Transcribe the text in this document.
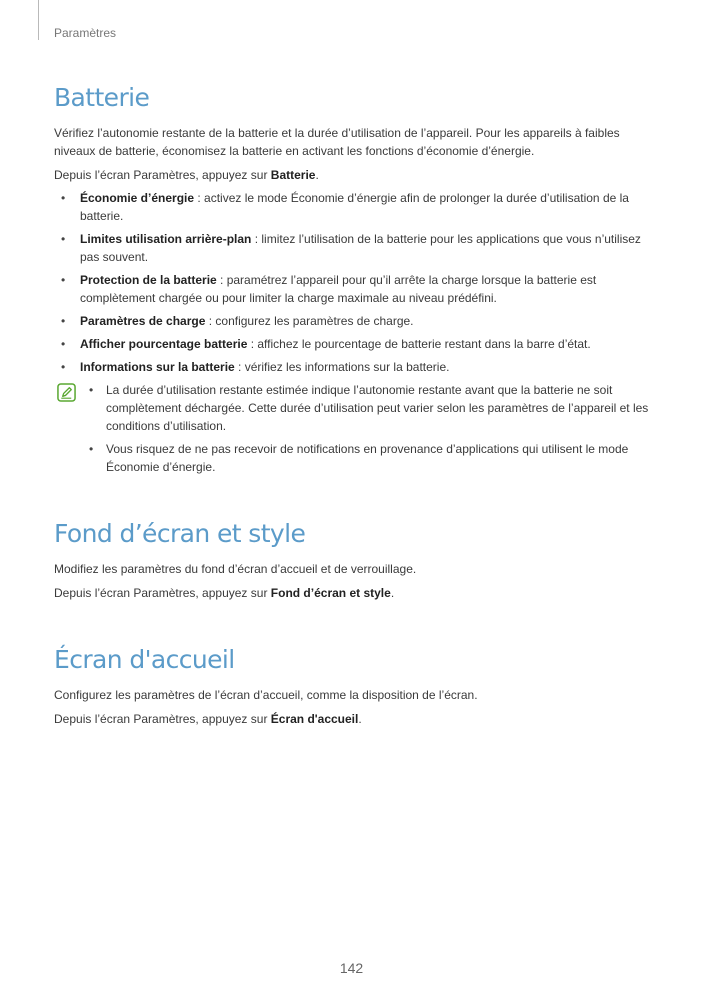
Paramètres
Batterie

Vérifiez l’autonomie restante de la batterie et la durée d’utilisation de l’appareil. Pour les appareils à faibles niveaux de batterie, économisez la batterie en activant les fonctions d’économie d’énergie.

Depuis l’écran Paramètres, appuyez sur Batterie.

• Économie d’énergie : activez le mode Économie d’énergie afin de prolonger la durée d’utilisation de la batterie.
• Limites utilisation arrière-plan : limitez l’utilisation de la batterie pour les applications que vous n’utilisez pas souvent.
• Protection de la batterie : paramétrez l’appareil pour qu’il arrête la charge lorsque la batterie est complètement chargée ou pour limiter la charge maximale au niveau prédéfini.
• Paramètres de charge : configurez les paramètres de charge.
• Afficher pourcentage batterie : affichez le pourcentage de batterie restant dans la barre d’état.
• Informations sur la batterie : vérifiez les informations sur la batterie.
• La durée d’utilisation restante estimée indique l’autonomie restante avant que la batterie ne soit complètement déchargée. Cette durée d’utilisation peut varier selon les paramètres de l’appareil et les conditions d’utilisation.
• Vous risquez de ne pas recevoir de notifications en provenance d’applications qui utilisent le mode Économie d’énergie.
Fond d’écran et style

Modifiez les paramètres du fond d’écran d’accueil et de verrouillage.

Depuis l’écran Paramètres, appuyez sur Fond d’écran et style.

Écran d'accueil

Configurez les paramètres de l’écran d’accueil, comme la disposition de l’écran.

Depuis l’écran Paramètres, appuyez sur Écran d'accueil.

142
